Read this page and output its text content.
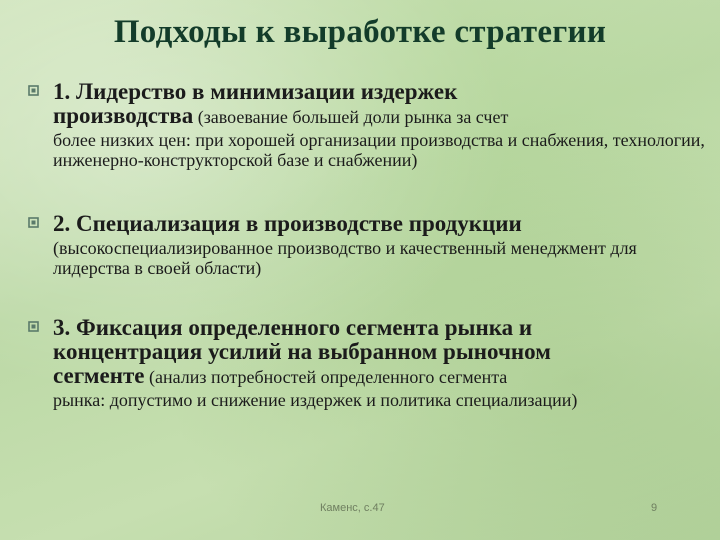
Подходы к выработке стратегии
1. Лидерство в минимизации издержек
производства (завоевание большей доли рынка за счет
более низких цен: при хорошей организации производства и снабжения, технологии, инженерно-конструкторской базе и снабжении)
2. Специализация в производстве продукции
(высокоспециализированное производство и качественный менеджмент для лидерства в своей области)
3. Фиксация определенного сегмента рынка и
концентрация усилий на выбранном рыночном
сегменте (анализ потребностей определенного сегмента
рынка: допустимо и снижение издержек и политика специализации)
Каменс, с.47	9
